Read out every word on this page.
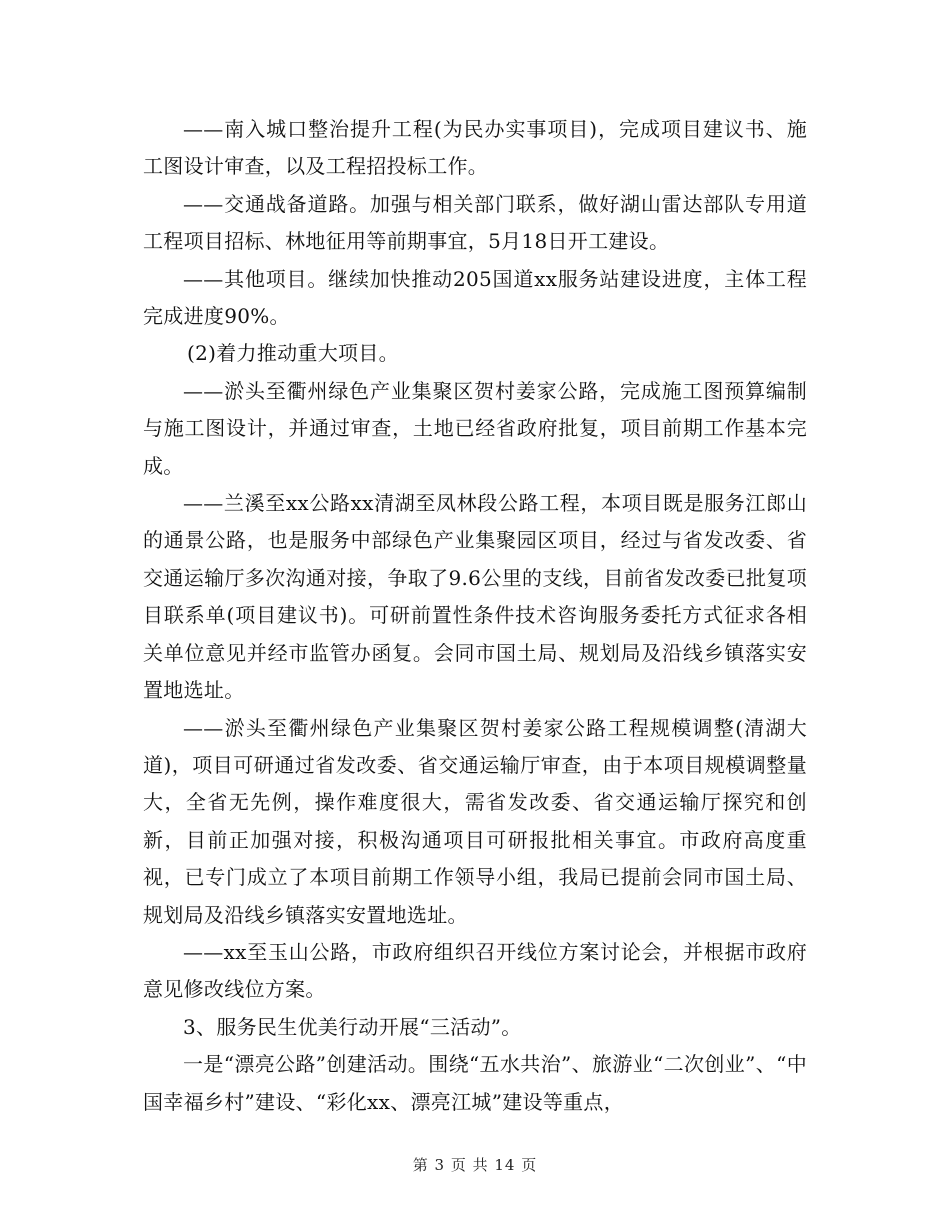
——南入城口整治提升工程(为民办实事项目)，完成项目建议书、施工图设计审查，以及工程招投标工作。

——交通战备道路。加强与相关部门联系，做好湖山雷达部队专用道工程项目招标、林地征用等前期事宜，5月18日开工建设。

——其他项目。继续加快推动205国道xx服务站建设进度，主体工程完成进度90%。

(2)着力推动重大项目。

——淤头至衢州绿色产业集聚区贺村姜家公路，完成施工图预算编制与施工图设计，并通过审查，土地已经省政府批复，项目前期工作基本完成。

——兰溪至xx公路xx清湖至凤林段公路工程，本项目既是服务江郎山的通景公路，也是服务中部绿色产业集聚园区项目，经过与省发改委、省交通运输厅多次沟通对接，争取了9.6公里的支线，目前省发改委已批复项目联系单(项目建议书)。可研前置性条件技术咨询服务委托方式征求各相关单位意见并经市监管办函复。会同市国土局、规划局及沿线乡镇落实安置地选址。

——淤头至衢州绿色产业集聚区贺村姜家公路工程规模调整(清湖大道)，项目可研通过省发改委、省交通运输厅审查，由于本项目规模调整量大，全省无先例，操作难度很大，需省发改委、省交通运输厅探究和创新，目前正加强对接，积极沟通项目可研报批相关事宜。市政府高度重视，已专门成立了本项目前期工作领导小组，我局已提前会同市国土局、规划局及沿线乡镇落实安置地选址。

——xx至玉山公路，市政府组织召开线位方案讨论会，并根据市政府意见修改线位方案。

3、服务民生优美行动开展“三活动”。

一是“漂亮公路”创建活动。围绕“五水共治”、旅游业“二次创业”、“中国幸福乡村”建设、“彩化xx、漂亮江城”建设等重点，

第 3 页 共 14 页
